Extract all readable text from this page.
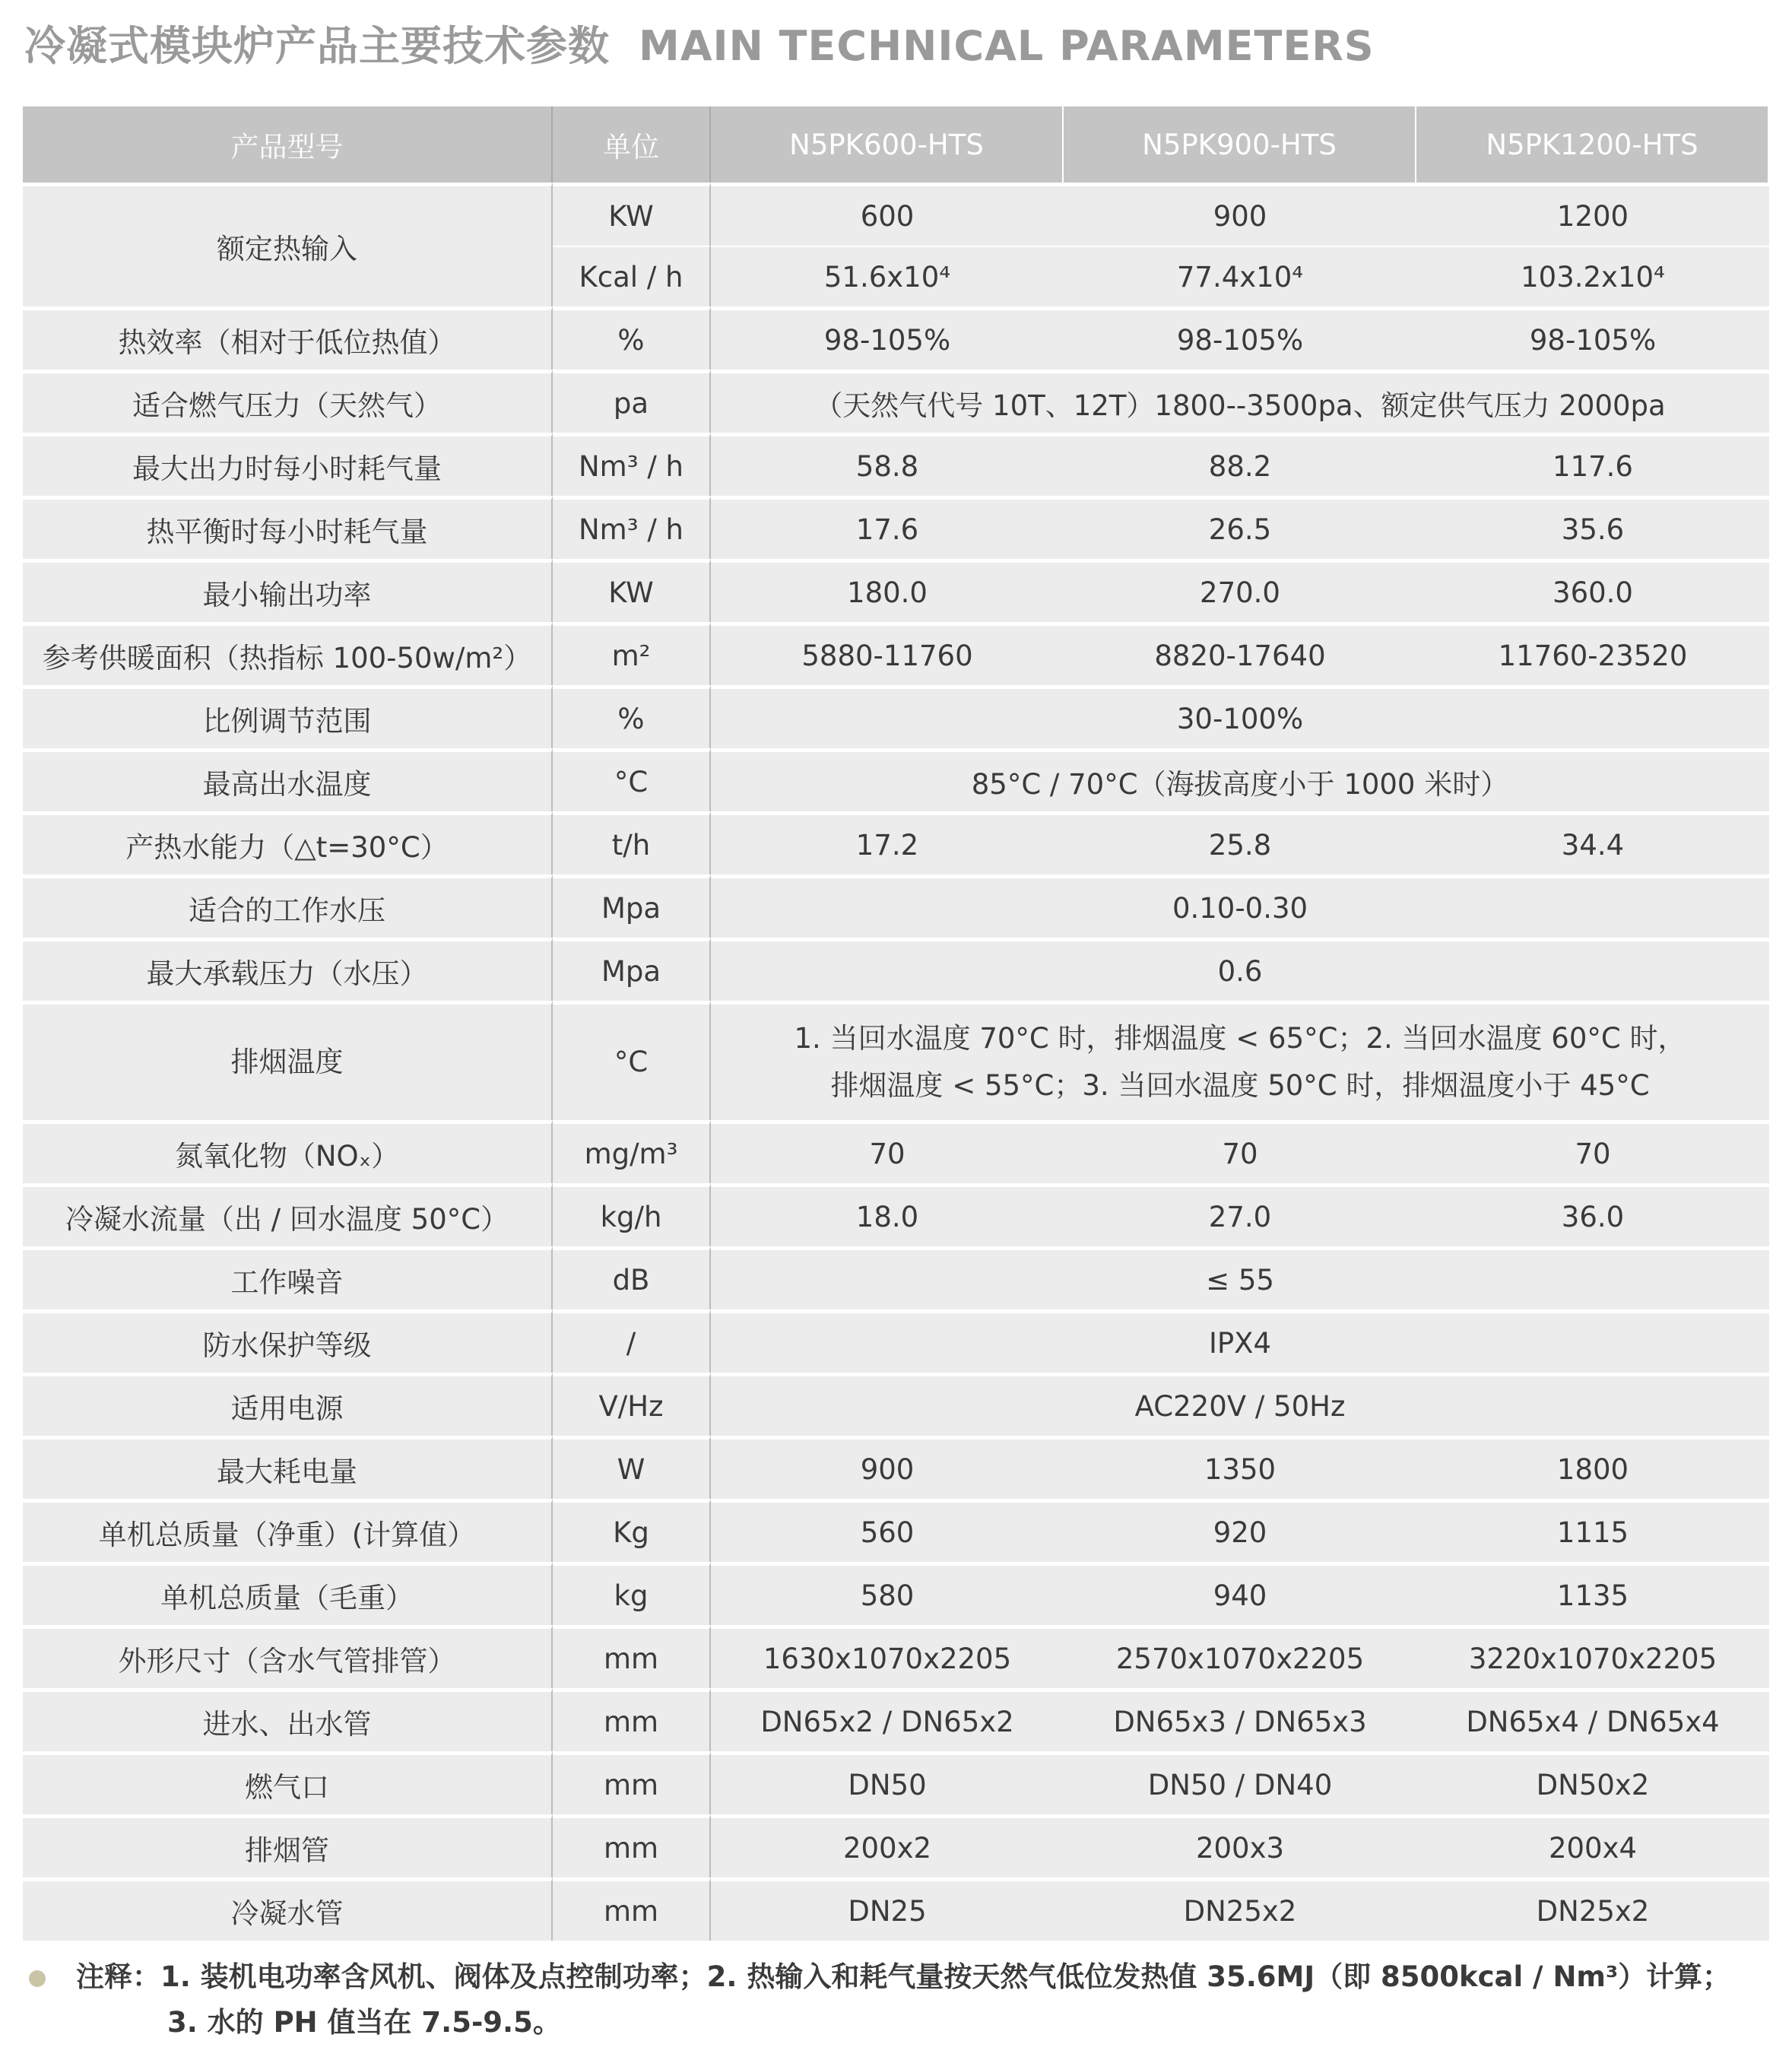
冷凝式模块炉产品主要技术参数 MAIN TECHNICAL PARAMETERS
产品型号	单位	N5PK600-HTS	N5PK900-HTS	N5PK1200-HTS
额定热输入	KW	600	900	1200
	Kcal / h	51.6x10⁴	77.4x10⁴	103.2x10⁴
热效率（相对于低位热值）	%	98-105%	98-105%	98-105%
适合燃气压力（天然气）	pa	（天然气代号 10T、12T）1800--3500pa、额定供气压力 2000pa		
最大出力时每小时耗气量	Nm³ / h	58.8	88.2	117.6
热平衡时每小时耗气量	Nm³ / h	17.6	26.5	35.6
最小输出功率	KW	180.0	270.0	360.0
参考供暖面积（热指标 100-50w/m²）	m²	5880-11760	8820-17640	11760-23520
比例调节范围	%	30-100%		
最高出水温度	°C	85°C / 70°C（海拔高度小于 1000 米时）		
产热水能力（△t=30°C）	t/h	17.2	25.8	34.4
适合的工作水压	Mpa	0.10-0.30		
最大承载压力（水压）	Mpa	0.6		
排烟温度	°C	1. 当回水温度 70°C 时，排烟温度 < 65°C；2. 当回水温度 60°C 时，
排烟温度 < 55°C；3. 当回水温度 50°C 时，排烟温度小于 45°C		

氮氧化物（NOₓ）	mg/m³	70	70	70
冷凝水流量（出 / 回水温度 50°C）	kg/h	18.0	27.0	36.0
工作噪音	dB	≤ 55		
防水保护等级	/	IPX4		
适用电源	V/Hz	AC220V / 50Hz		
最大耗电量	W	900	1350	1800
单机总质量（净重）(计算值）	Kg	560	920	1115
单机总质量（毛重）	kg	580	940	1135
外形尺寸（含水气管排管）	mm	1630x1070x2205	2570x1070x2205	3220x1070x2205
进水、出水管	mm	DN65x2 / DN65x2	DN65x3 / DN65x3	DN65x4 / DN65x4
燃气口	mm	DN50	DN50 / DN40	DN50x2
排烟管	mm	200x2	200x3	200x4
冷凝水管	mm	DN25	DN25x2	DN25x2
注释：1. 装机电功率含风机、阀体及点控制功率；2. 热输入和耗气量按天然气低位发热值 35.6MJ（即 8500kcal / Nm³）计算；
3. 水的 PH 值当在 7.5-9.5。
